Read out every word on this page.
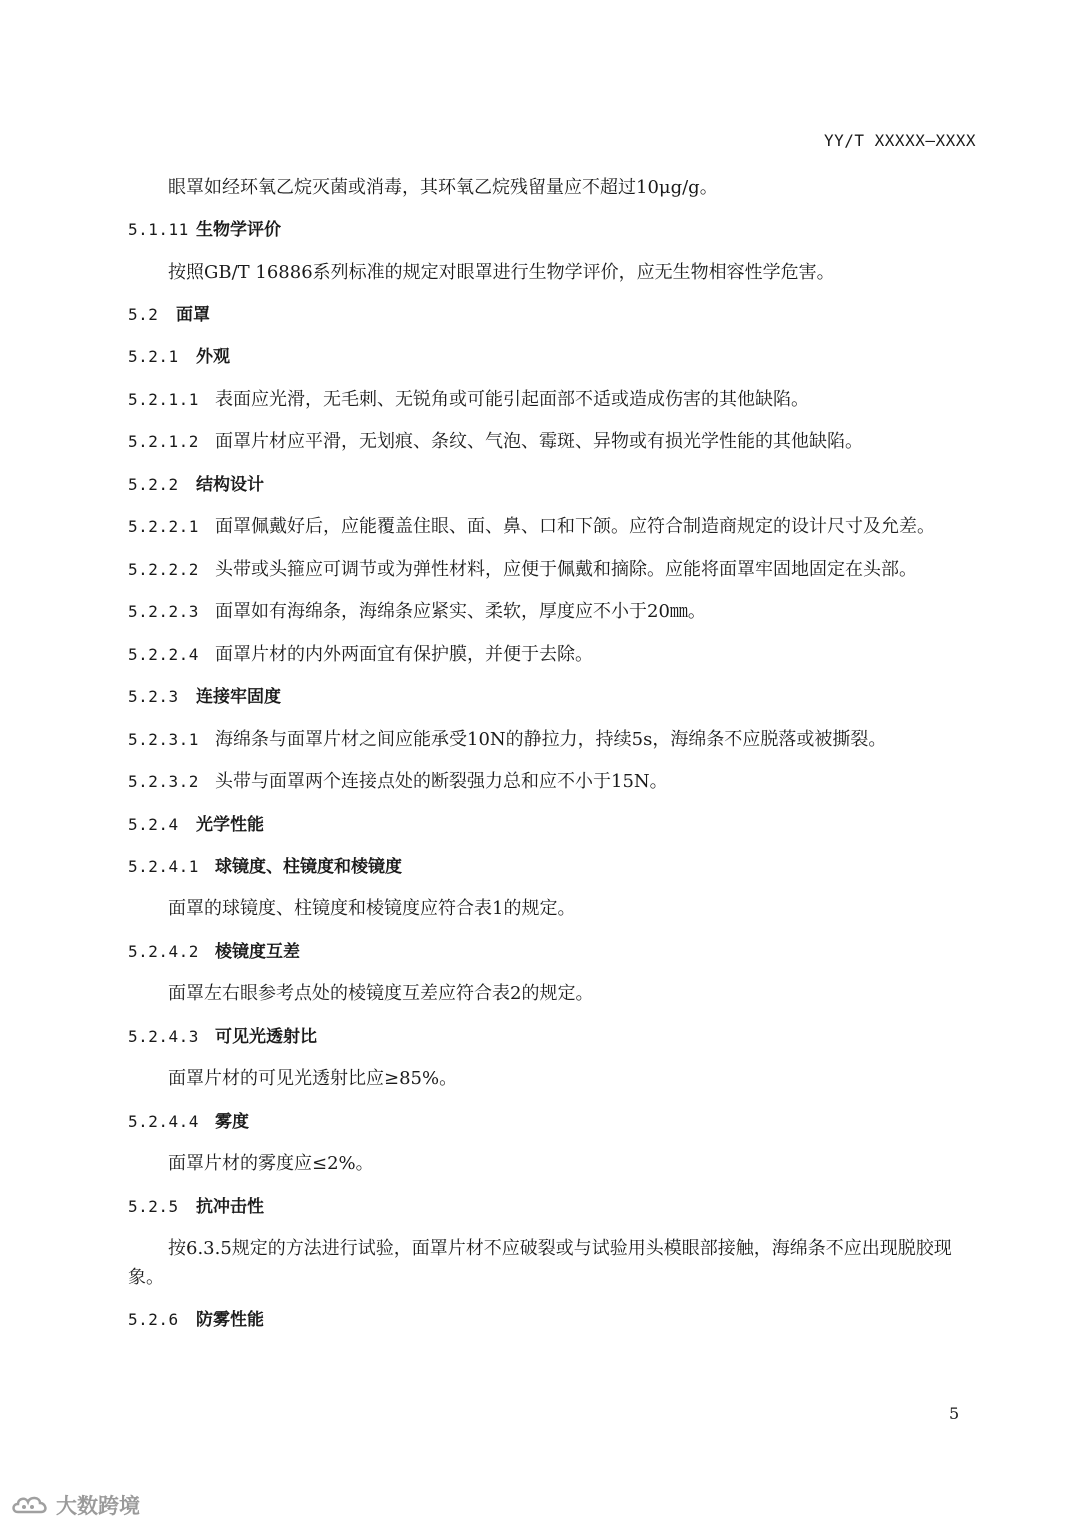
YY/T XXXXX—XXXX
眼罩如经环氧乙烷灭菌或消毒，其环氧乙烷残留量应不超过10μg/g。
5.1.11 生物学评价
按照GB/T 16886系列标准的规定对眼罩进行生物学评价，应无生物相容性学危害。
5.2 面罩
5.2.1 外观
5.2.1.1 表面应光滑，无毛刺、无锐角或可能引起面部不适或造成伤害的其他缺陷。
5.2.1.2 面罩片材应平滑，无划痕、条纹、气泡、霉斑、异物或有损光学性能的其他缺陷。
5.2.2 结构设计
5.2.2.1 面罩佩戴好后，应能覆盖住眼、面、鼻、口和下颌。应符合制造商规定的设计尺寸及允差。
5.2.2.2 头带或头箍应可调节或为弹性材料，应便于佩戴和摘除。应能将面罩牢固地固定在头部。
5.2.2.3 面罩如有海绵条，海绵条应紧实、柔软，厚度应不小于20㎜。
5.2.2.4 面罩片材的内外两面宜有保护膜，并便于去除。
5.2.3 连接牢固度
5.2.3.1 海绵条与面罩片材之间应能承受10N的静拉力，持续5s，海绵条不应脱落或被撕裂。
5.2.3.2 头带与面罩两个连接点处的断裂强力总和应不小于15N。
5.2.4 光学性能
5.2.4.1 球镜度、柱镜度和棱镜度
面罩的球镜度、柱镜度和棱镜度应符合表1的规定。
5.2.4.2 棱镜度互差
面罩左右眼参考点处的棱镜度互差应符合表2的规定。
5.2.4.3 可见光透射比
面罩片材的可见光透射比应≥85%。
5.2.4.4 雾度
面罩片材的雾度应≤2%。
5.2.5 抗冲击性
按6.3.5规定的方法进行试验，面罩片材不应破裂或与试验用头模眼部接触，海绵条不应出现脱胶现象。
5.2.6 防雾性能
5
大数跨境
